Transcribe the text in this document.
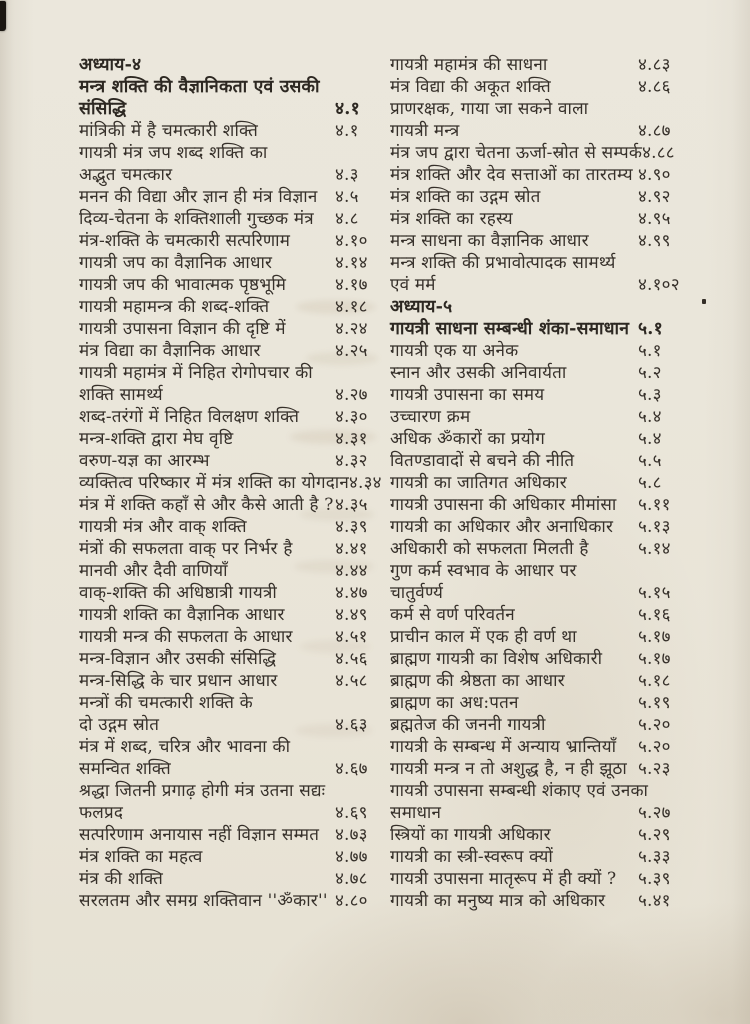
अध्याय-४
मन्त्र शक्ति की वैज्ञानिकता एवं उसकी
संसिद्धि	४.१
मांत्रिकी में है चमत्कारी शक्ति	४.१
गायत्री मंत्र जप शब्द शक्ति का
अद्भुत चमत्कार	४.३
मनन की विद्या और ज्ञान ही मंत्र विज्ञान	४.५
दिव्य-चेतना के शक्तिशाली गुच्छक मंत्र	४.८
मंत्र-शक्ति के चमत्कारी सत्परिणाम	४.१०
गायत्री जप का वैज्ञानिक आधार	४.१४
गायत्री जप की भावात्मक पृष्ठभूमि	४.१७
गायत्री महामन्त्र की शब्द-शक्ति	४.१८
गायत्री उपासना विज्ञान की दृष्टि में	४.२४
मंत्र विद्या का वैज्ञानिक आधार	४.२५
गायत्री महामंत्र में निहित रोगोपचार की
शक्ति सामर्थ्य	४.२७
शब्द-तरंगों में निहित विलक्षण शक्ति	४.३०
मन्त्र-शक्ति द्वारा मेघ वृष्टि	४.३१
वरुण-यज्ञ का आरम्भ	४.३२
व्यक्तित्व परिष्कार में मंत्र शक्ति का योगदान ४.३४
मंत्र में शक्ति कहाँ से और कैसे आती है ? ४.३५
गायत्री मंत्र और वाक् शक्ति	४.३९
मंत्रों की सफलता वाक् पर निर्भर है	४.४१
मानवी और दैवी वाणियाँ	४.४४
वाक्-शक्ति की अधिष्ठात्री गायत्री	४.४७
गायत्री शक्ति का वैज्ञानिक आधार	४.४९
गायत्री मन्त्र की सफलता के आधार	४.५१
मन्त्र-विज्ञान और उसकी संसिद्धि	४.५६
मन्त्र-सिद्धि के चार प्रधान आधार	४.५८
मन्त्रों की चमत्कारी शक्ति के
दो उद्गम स्रोत	४.६३
मंत्र में शब्द, चरित्र और भावना की
समन्वित शक्ति	४.६७
श्रद्धा जितनी प्रगाढ़ होगी मंत्र उतना सद्यः
फलप्रद	४.६९
सत्परिणाम अनायास नहीं विज्ञान सम्मत ४.७३
मंत्र शक्ति का महत्व	४.७७
मंत्र की शक्ति	४.७८
सरलतम और समग्र शक्तिवान ''ॐकार'' ४.८०
गायत्री महामंत्र की साधना	४.८३
मंत्र विद्या की अकूत शक्ति	४.८६
प्राणरक्षक, गाया जा सकने वाला
गायत्री मन्त्र	४.८७
मंत्र जप द्वारा चेतना ऊर्जा-स्रोत से सम्पर्क ४.८८
मंत्र शक्ति और देव सत्ताओं का तारतम्य ४.९०
मंत्र शक्ति का उद्गम स्रोत	४.९२
मंत्र शक्ति का रहस्य	४.९५
मन्त्र साधना का वैज्ञानिक आधार	४.९९
मन्त्र शक्ति की प्रभावोत्पादक सामर्थ्य
एवं मर्म	४.१०२
अध्याय-५
गायत्री साधना सम्बन्धी शंका-समाधान ५.१
गायत्री एक या अनेक	५.१
स्नान और उसकी अनिवार्यता	५.२
गायत्री उपासना का समय	५.३
उच्चारण क्रम	५.४
अधिक ॐकारों का प्रयोग	५.४
वितण्डावादों से बचने की नीति	५.५
गायत्री का जातिगत अधिकार	५.८
गायत्री उपासना की अधिकार मीमांसा	५.११
गायत्री का अधिकार और अनाधिकार	५.१३
अधिकारी को सफलता मिलती है	५.१४
गुण कर्म स्वभाव के आधार पर
चातुर्वर्ण्य	५.१५
कर्म से वर्ण परिवर्तन	५.१६
प्राचीन काल में एक ही वर्ण था	५.१७
ब्राह्मण गायत्री का विशेष अधिकारी	५.१७
ब्राह्मण की श्रेष्ठता का आधार	५.१८
ब्राह्मण का अध:पतन	५.१९
ब्रह्मतेज की जननी गायत्री	५.२०
गायत्री के सम्बन्ध में अन्याय भ्रान्तियाँ	५.२०
गायत्री मन्त्र न तो अशुद्ध है, न ही झूठा ५.२३
गायत्री उपासना सम्बन्धी शंकाए एवं उनका
समाधान	५.२७
स्त्रियों का गायत्री अधिकार	५.२९
गायत्री का स्त्री-स्वरूप क्यों	५.३३
गायत्री उपासना मातृरूप में ही क्यों ?	५.३९
गायत्री का मनुष्य मात्र को अधिकार	५.४१
